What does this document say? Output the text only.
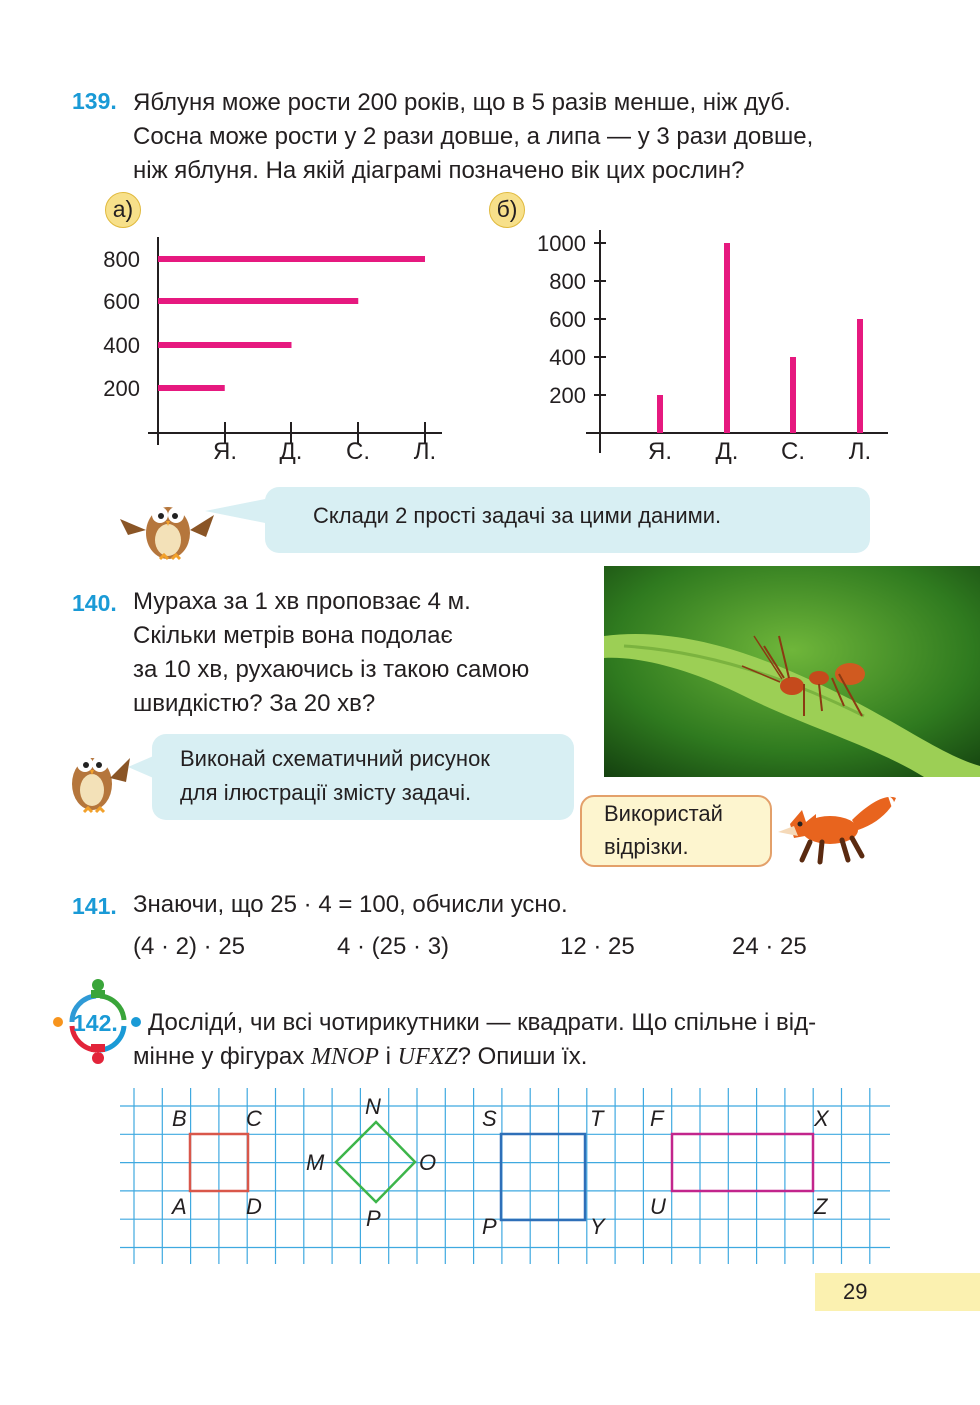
139. Яблуня може рости 200 років, що в 5 разів менше, ніж дуб.
Сосна може рости у 2 рази довше, а липа — у 3 рази довше,
ніж яблуня. На якій діаграмі позначено вік цих рослин?
а)	б)
800
600
400
200
Я. Д. С. Л.
1000
800
600
400
200
Я. Д. С. Л.
Склади 2 прості задачі за цими даними.
140. Мураха за 1 хв проповзає 4 м.
Скільки метрів вона подолає
за 10 хв, рухаючись із такою самою
швидкістю? За 20 хв?
Виконай схематичний рисунок
для ілюстрації змісту задачі.
Використай
відрізки.
141. Знаючи, що 25 · 4 = 100, обчисли усно.
(4 · 2) · 25	4 · (25 · 3)	12 · 25	24 · 25
142. Досліди́, чи всі чотирикутники — квадрати. Що спільне і від-
мінне у фігурах MNOP і UFXZ? Опиши їх.
B	C
A	D
N
M	O
P
S	T
P	Y
F	X
U	Z
29
